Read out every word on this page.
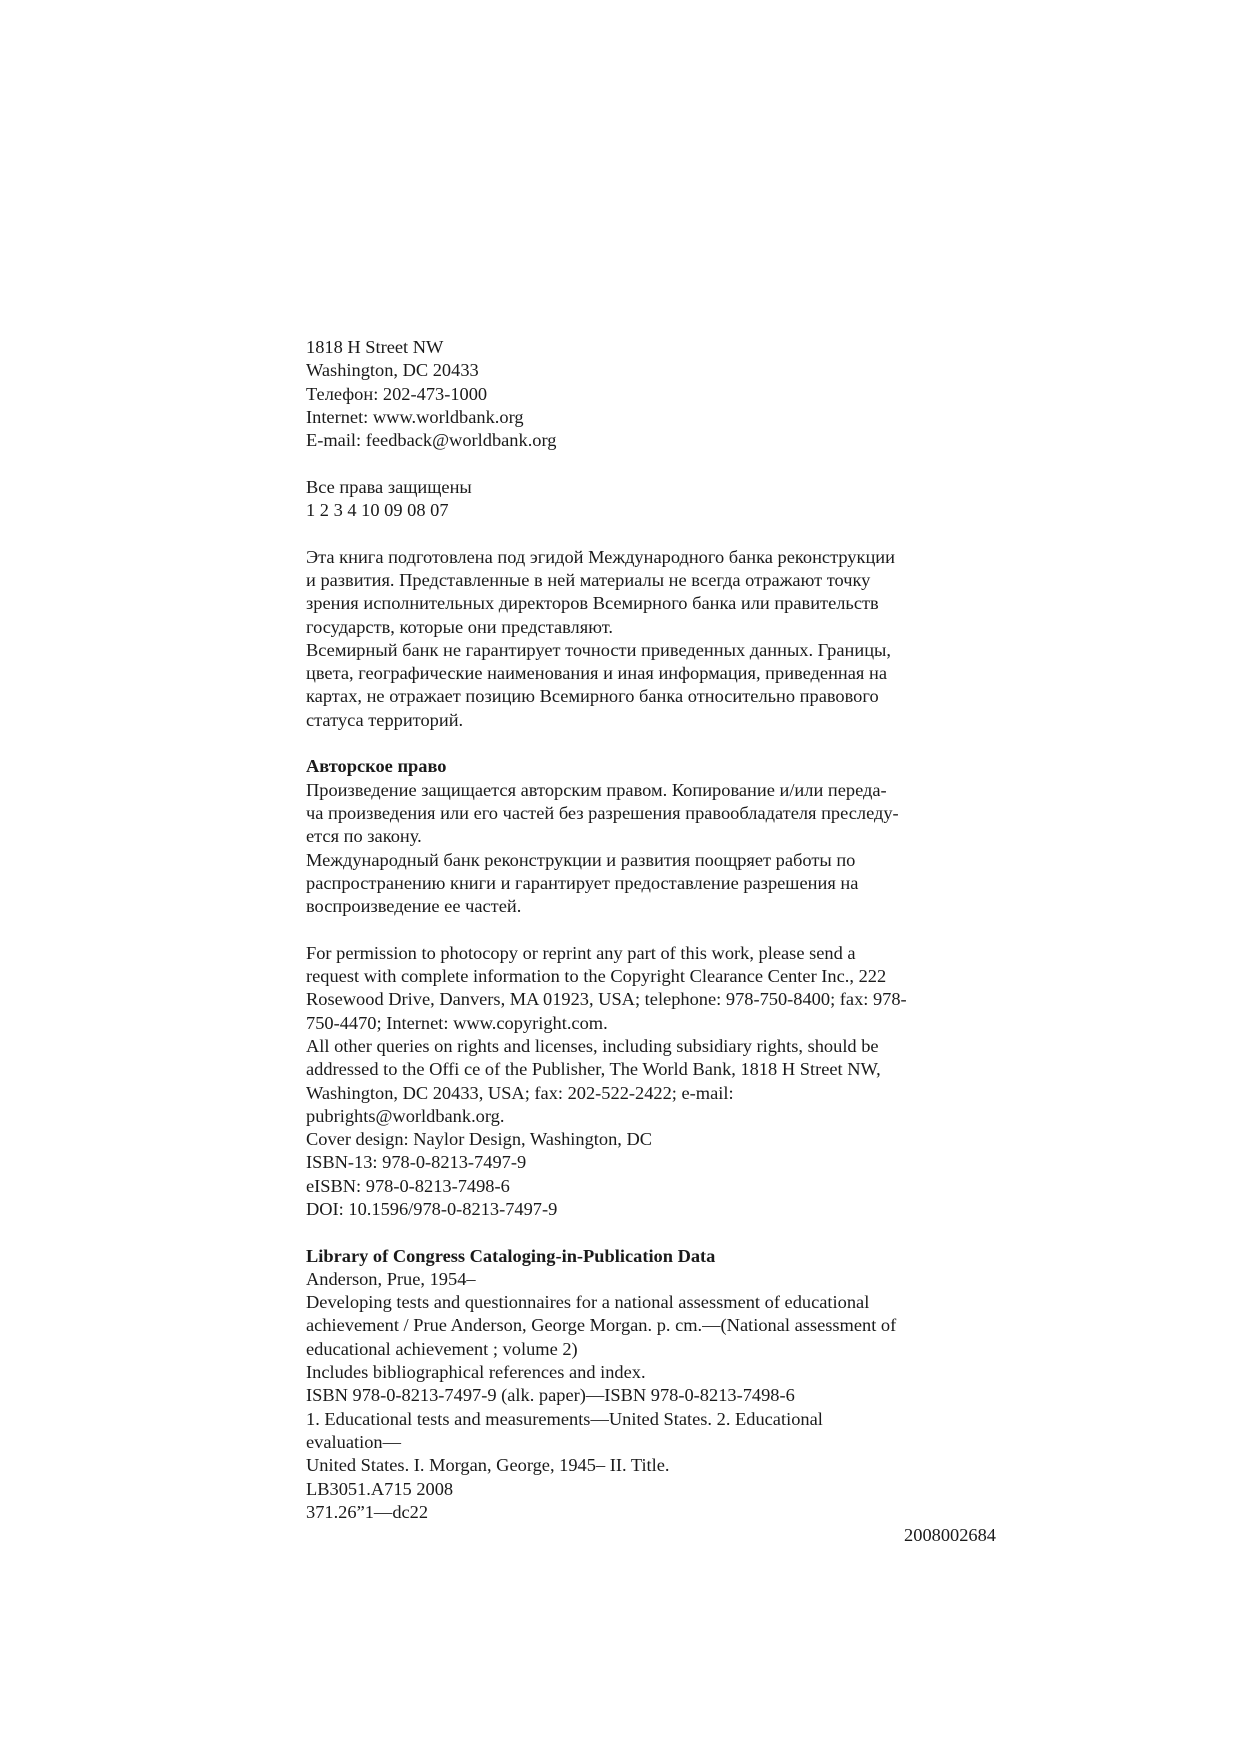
1818 H Street NW
Washington, DC 20433
Телефон: 202-473-1000
Internet: www.worldbank.org
E-mail: feedback@worldbank.org
Все права защищены
1 2 3 4 10 09 08 07
Эта книга подготовлена под эгидой Международного банка реконструкции
и развития. Представленные в ней материалы не всегда отражают точку
зрения исполнительных директоров Всемирного банка или правительств
государств, которые они представляют.
Всемирный банк не гарантирует точности приведенных данных. Границы,
цвета, географические наименования и иная информация, приведенная на
картах, не отражает позицию Всемирного банка относительно правового
статуса территорий.
Авторское право
Произведение защищается авторским правом. Копирование и/или переда-
ча произведения или его частей без разрешения правообладателя преследу-
ется по закону.
Международный банк реконструкции и развития поощряет работы по
распространению книги и гарантирует предоставление разрешения на
воспроизведение ее частей.
For permission to photocopy or reprint any part of this work, please send a
request with complete information to the Copyright Clearance Center Inc., 222
Rosewood Drive, Danvers, MA 01923, USA; telephone: 978-750-8400; fax: 978-
750-4470; Internet: www.copyright.com.
All other queries on rights and licenses, including subsidiary rights, should be
addressed to the Offi ce of the Publisher, The World Bank, 1818 H Street NW,
Washington, DC 20433, USA; fax: 202-522-2422; e-mail:
pubrights@worldbank.org.
Cover design: Naylor Design, Washington, DC
ISBN-13: 978-0-8213-7497-9
eISBN: 978-0-8213-7498-6
DOI: 10.1596/978-0-8213-7497-9
Library of Congress Cataloging-in-Publication Data
Anderson, Prue, 1954–
Developing tests and questionnaires for a national assessment of educational
achievement / Prue Anderson, George Morgan. p. cm.—(National assessment of
educational achievement ; volume 2)
Includes bibliographical references and index.
ISBN 978-0-8213-7497-9 (alk. paper)—ISBN 978-0-8213-7498-6
1. Educational tests and measurements—United States. 2. Educational
evaluation—
United States. I. Morgan, George, 1945– II. Title.
LB3051.A715 2008
371.26”1—dc22
2008002684
